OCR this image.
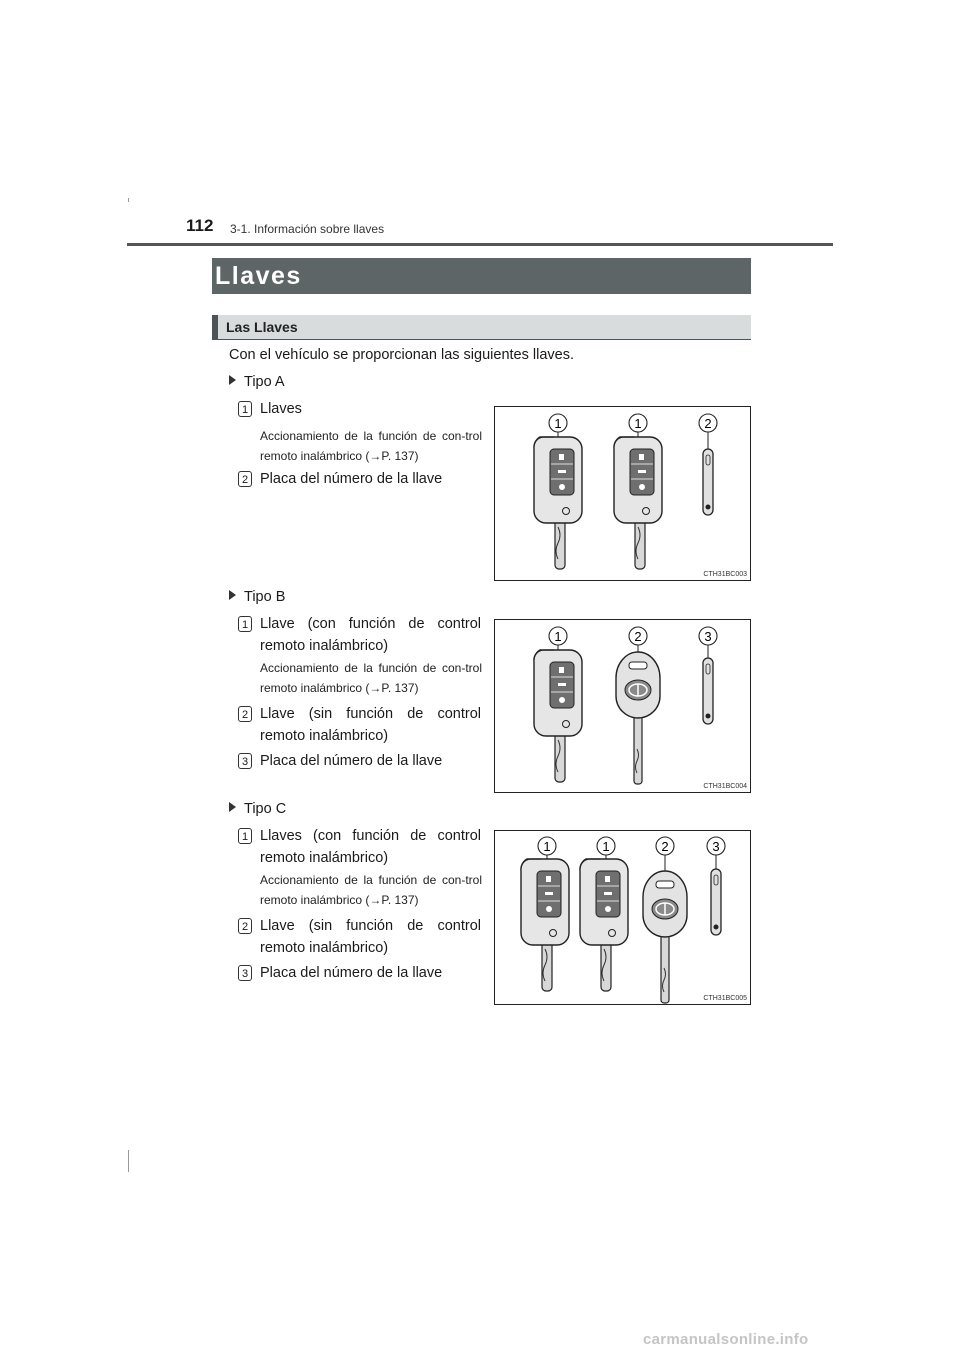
112 3-1. Información sobre llaves
Llaves
Las Llaves
Con el vehículo se proporcionan las siguientes llaves.
Tipo A
1 Llaves
Accionamiento de la función de con-trol remoto inalámbrico (→P. 137)
2 Placa del número de la llave
1	1	2
CTH31BC003
Tipo B
1 Llave (con función de control remoto inalámbrico)
Accionamiento de la función de con-trol remoto inalámbrico (→P. 137)
2 Llave (sin función de control remoto inalámbrico)
3 Placa del número de la llave
1	2	3
CTH31BC004
Tipo C
1 Llaves (con función de control remoto inalámbrico)
Accionamiento de la función de con-trol remoto inalámbrico (→P. 137)
2 Llave (sin función de control remoto inalámbrico)
3 Placa del número de la llave
1	1	2	3
CTH31BC005
carmanualsonline.info
